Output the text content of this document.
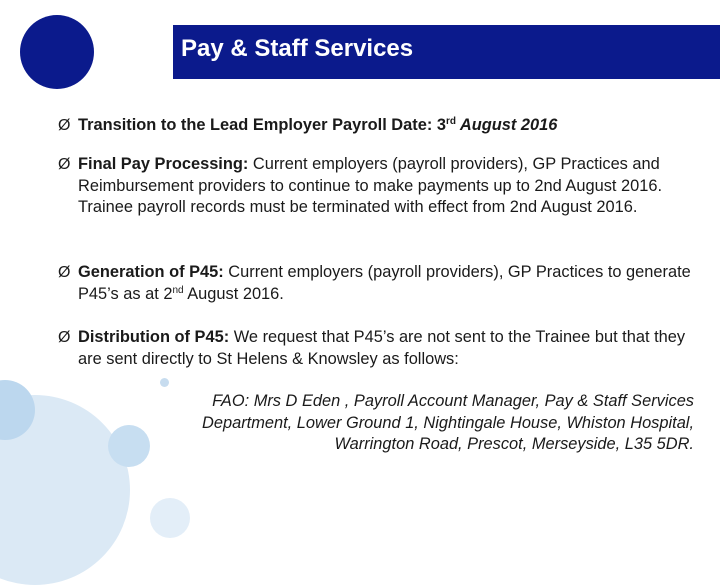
Pay & Staff Services
Ø Transition to the Lead Employer Payroll Date: 3rd August 2016
Ø Final Pay Processing: Current employers (payroll providers), GP Practices and Reimbursement providers to continue to make payments up to 2nd August 2016. Trainee payroll records must be terminated with effect from 2nd August 2016.
Ø Generation of P45: Current employers (payroll providers), GP Practices to generate P45’s as at 2nd August 2016.
Ø Distribution of P45: We request that P45’s are not sent to the Trainee but that they are sent directly to St Helens & Knowsley as follows:
FAO: Mrs D Eden , Payroll Account Manager, Pay & Staff Services
Department, Lower Ground 1, Nightingale House, Whiston Hospital,
Warrington Road, Prescot, Merseyside, L35 5DR.
